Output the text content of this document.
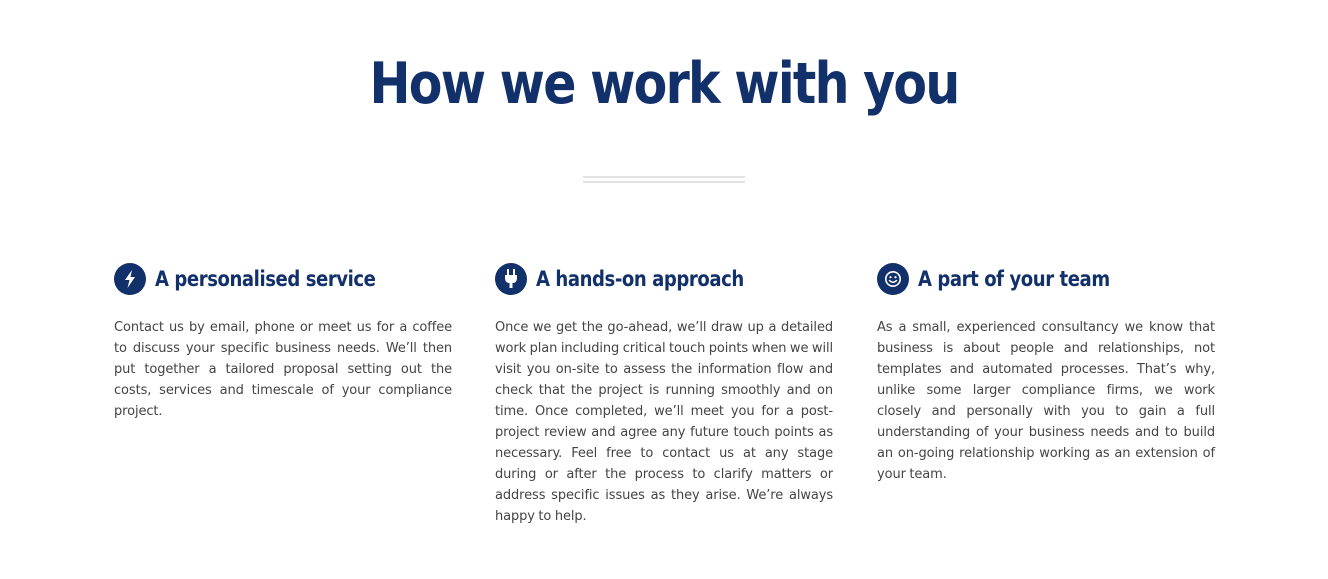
How we work with you
A personalised service

Contact us by email, phone or meet us for a coffee to discuss your specific business needs. We’ll then put together a tailored proposal setting out the costs, services and timescale of your compliance project.

A hands-on approach

Once we get the go-ahead, we’ll draw up a detailed work plan including critical touch points when we will visit you on-site to assess the information flow and check that the project is running smoothly and on time. Once completed, we’ll meet you for a post-project review and agree any future touch points as necessary. Feel free to contact us at any stage during or after the process to clarify matters or address specific issues as they arise. We’re always happy to help.

A part of your team

As a small, experienced consultancy we know that business is about people and relationships, not templates and automated processes. That’s why, unlike some larger compliance firms, we work closely and personally with you to gain a full understanding of your business needs and to build an on-going relationship working as an extension of your team.
